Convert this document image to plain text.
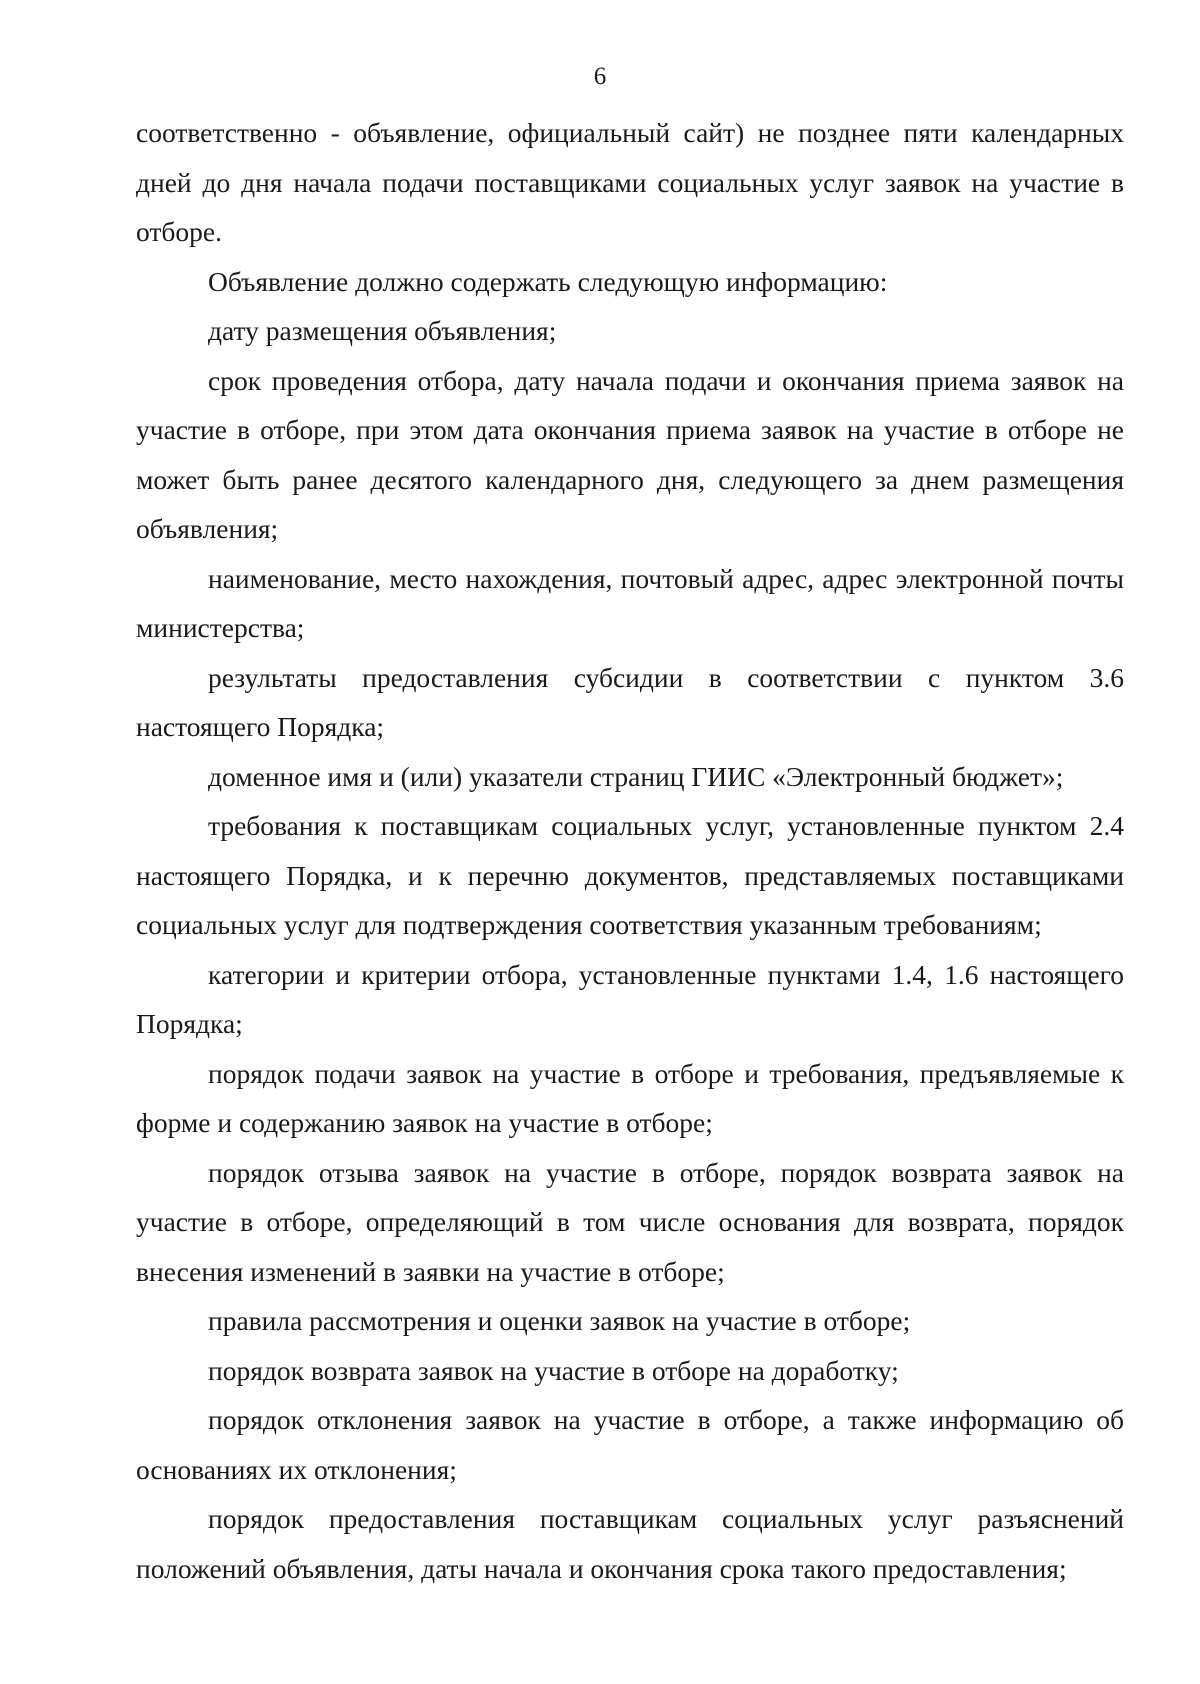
6

соответственно - объявление, официальный сайт) не позднее пяти календарных дней до дня начала подачи поставщиками социальных услуг заявок на участие в отборе.

Объявление должно содержать следующую информацию:

дату размещения объявления;

срок проведения отбора, дату начала подачи и окончания приема заявок на участие в отборе, при этом дата окончания приема заявок на участие в отборе не может быть ранее десятого календарного дня, следующего за днем размещения объявления;

наименование, место нахождения, почтовый адрес, адрес электронной почты министерства;

результаты предоставления субсидии в соответствии с пунктом 3.6 настоящего Порядка;

доменное имя и (или) указатели страниц ГИИС «Электронный бюджет»;

требования к поставщикам социальных услуг, установленные пунктом 2.4 настоящего Порядка, и к перечню документов, представляемых поставщиками социальных услуг для подтверждения соответствия указанным требованиям;

категории и критерии отбора, установленные пунктами 1.4, 1.6 настоящего Порядка;

порядок подачи заявок на участие в отборе и требования, предъявляемые к форме и содержанию заявок на участие в отборе;

порядок отзыва заявок на участие в отборе, порядок возврата заявок на участие в отборе, определяющий в том числе основания для возврата, порядок внесения изменений в заявки на участие в отборе;

правила рассмотрения и оценки заявок на участие в отборе;

порядок возврата заявок на участие в отборе на доработку;

порядок отклонения заявок на участие в отборе, а также информацию об основаниях их отклонения;

порядок предоставления поставщикам социальных услуг разъяснений положений объявления, даты начала и окончания срока такого предоставления;
